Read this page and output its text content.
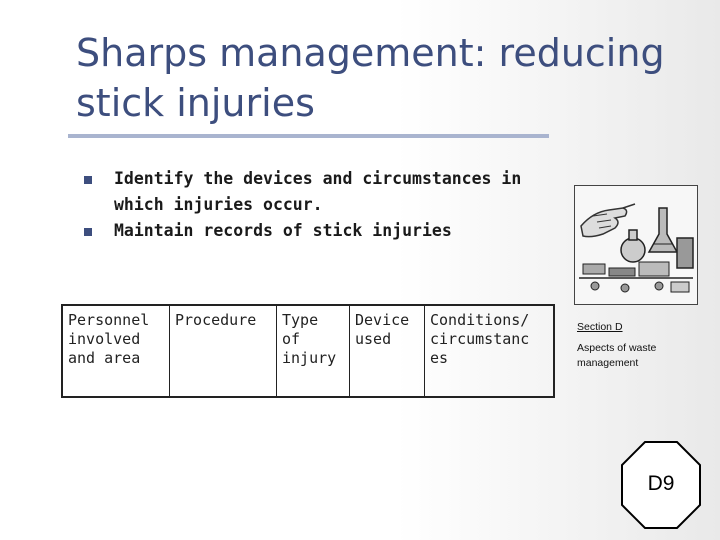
Sharps management: reducing stick injuries
Identify the devices and circumstances in which injuries occur.
Maintain records of stick injuries
Personnel involved and area	Procedure	Type of injury	Device used	Conditions/ circumstanc es
Section D
Aspects of waste management
D9
